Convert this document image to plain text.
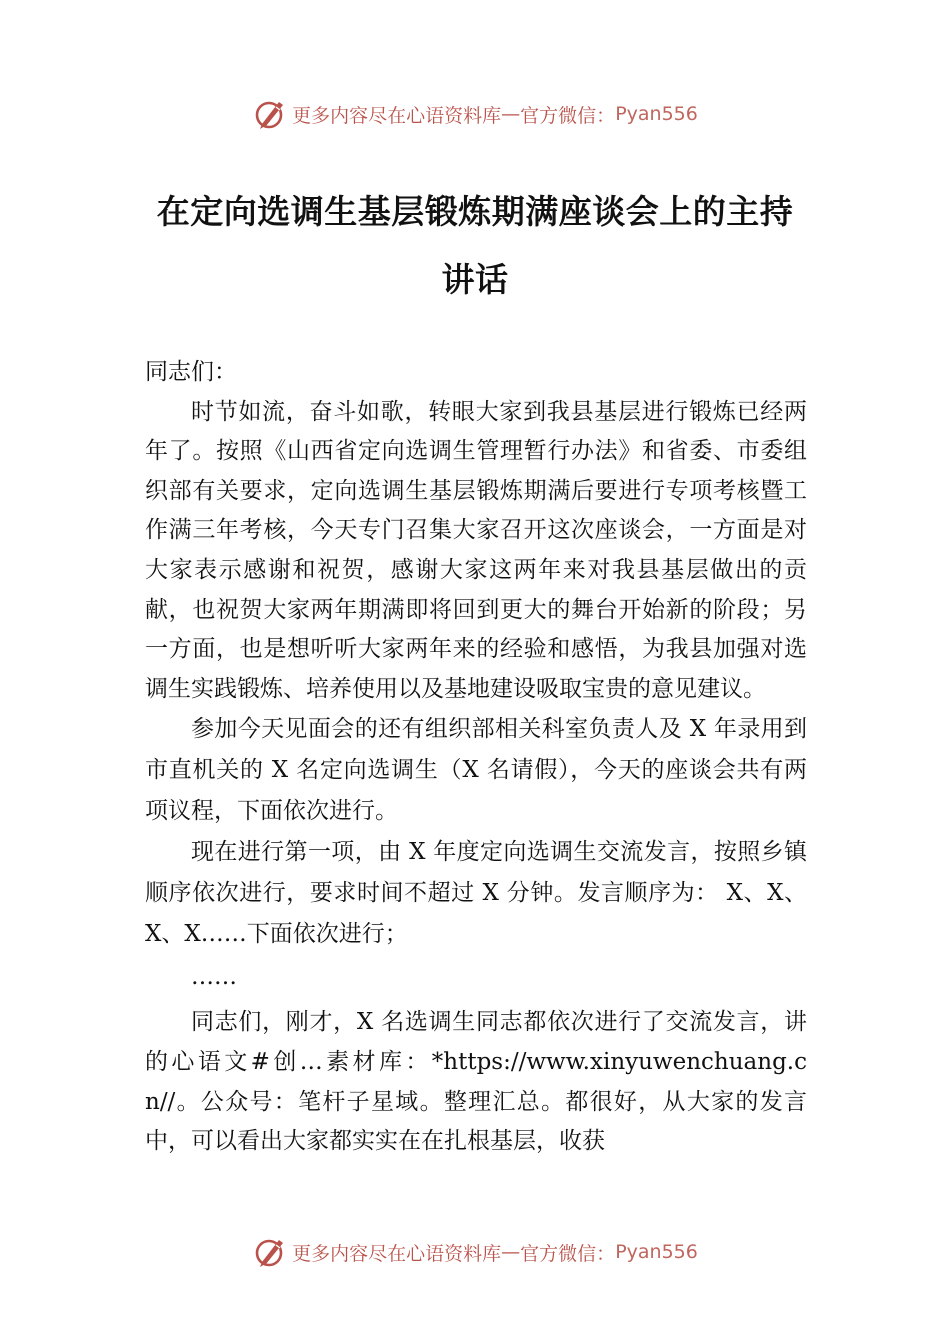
更多内容尽在心语资料库 — 官方微信： Pyan556
在定向选调生基层锻炼期满座谈会上的主持讲话

同志们：

时节如流，奋斗如歌，转眼大家到我县基层进行锻炼已经两年了。按照《山西省定向选调生管理暂行办法》和省委、市委组织部有关要求，定向选调生基层锻炼期满后要进行专项考核暨工作满三年考核，今天专门召集大家召开这次座谈会，一方面是对大家表示感谢和祝贺，感谢大家这两年来对我县基层做出的贡献，也祝贺大家两年期满即将回到更大的舞台开始新的阶段；另一方面，也是想听听大家两年来的经验和感悟，为我县加强对选调生实践锻炼、培养使用以及基地建设吸取宝贵的意见建议。

参加今天见面会的还有组织部相关科室负责人及 X 年录用到市直机关的 X 名定向选调生（X 名请假），今天的座谈会共有两项议程，下面依次进行。

现在进行第一项，由 X 年度定向选调生交流发言，按照乡镇顺序依次进行，要求时间不超过 X 分钟。发言顺序为： X、X、X、X……下面依次进行；

……

同志们，刚才，X 名选调生同志都依次进行了交流发言，讲的心语文#创…素材库：*https://www.xinyuwenchuang.cn//。公众号：笔杆子星域。整理汇总。都很好，从大家的发言中，可以看出大家都实实在在扎根基层，收获

更多内容尽在心语资料库 — 官方微信： Pyan556
